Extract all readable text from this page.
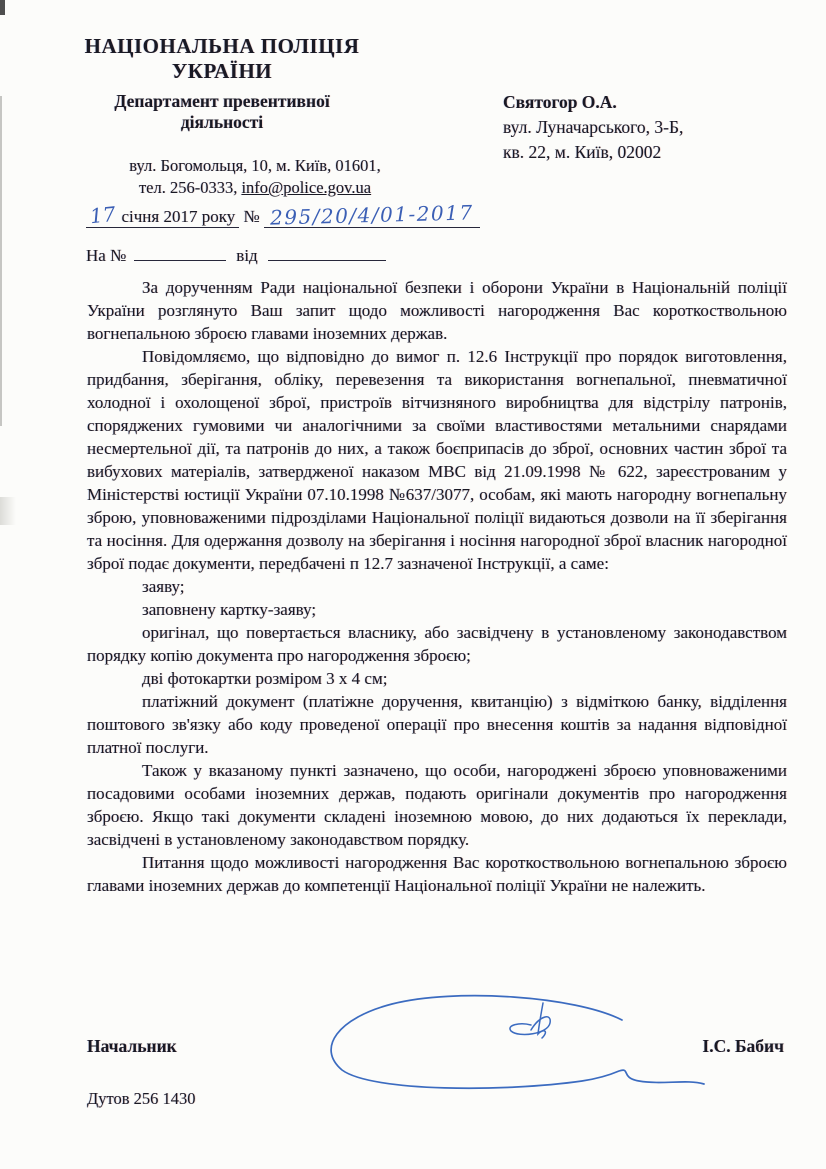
НАЦІОНАЛЬНА ПОЛІЦІЯ
УКРАЇНИ
Департамент превентивної діяльності
Святогор О.А.
вул. Луначарського, 3-Б,
кв. 22, м. Київ, 02002
вул. Богомольця, 10, м. Київ, 01601,
тел. 256-0333, info@police.gov.ua
17 січня 2017 року № 295/20/4/01-2017
На №	від

За дорученням Ради національної безпеки і оборони України в Національній поліції України розглянуто Ваш запит щодо можливості нагородження Вас короткоствольною вогнепальною зброєю главами іноземних держав.

Повідомляємо, що відповідно до вимог п. 12.6 Інструкції про порядок виготовлення, придбання, зберігання, обліку, перевезення та використання вогнепальної, пневматичної холодної і охолощеної зброї, пристроїв вітчизняного виробництва для відстрілу патронів, споряджених гумовими чи аналогічними за своїми властивостями метальними снарядами несмертельної дії, та патронів до них, а також боєприпасів до зброї, основних частин зброї та вибухових матеріалів, затвердженої наказом МВС від 21.09.1998 № 622, зареєстрованим у Міністерстві юстиції України 07.10.1998 №637/3077, особам, які мають нагородну вогнепальну зброю, уповноваженими підрозділами Національної поліції видаються дозволи на її зберігання та носіння. Для одержання дозволу на зберігання і носіння нагородної зброї власник нагородної зброї подає документи, передбачені п 12.7 зазначеної Інструкції, а саме:

заяву;

заповнену картку-заяву;

оригінал, що повертається власнику, або засвідчену в установленому законодавством порядку копію документа про нагородження зброєю;

дві фотокартки розміром 3 х 4 см;

платіжний документ (платіжне доручення, квитанцію) з відміткою банку, відділення поштового зв'язку або коду проведеної операції про внесення коштів за надання відповідної платної послуги.

Також у вказаному пункті зазначено, що особи, нагороджені зброєю уповноваженими посадовими особами іноземних держав, подають оригінали документів про нагородження зброєю. Якщо такі документи складені іноземною мовою, до них додаються їх переклади, засвідчені в установленому законодавством порядку.

Питання щодо можливості нагородження Вас короткоствольною вогнепальною зброєю главами іноземних держав до компетенції Національної поліції України не належить.

Начальник	І.С. Бабич
Дутов 256 1430
